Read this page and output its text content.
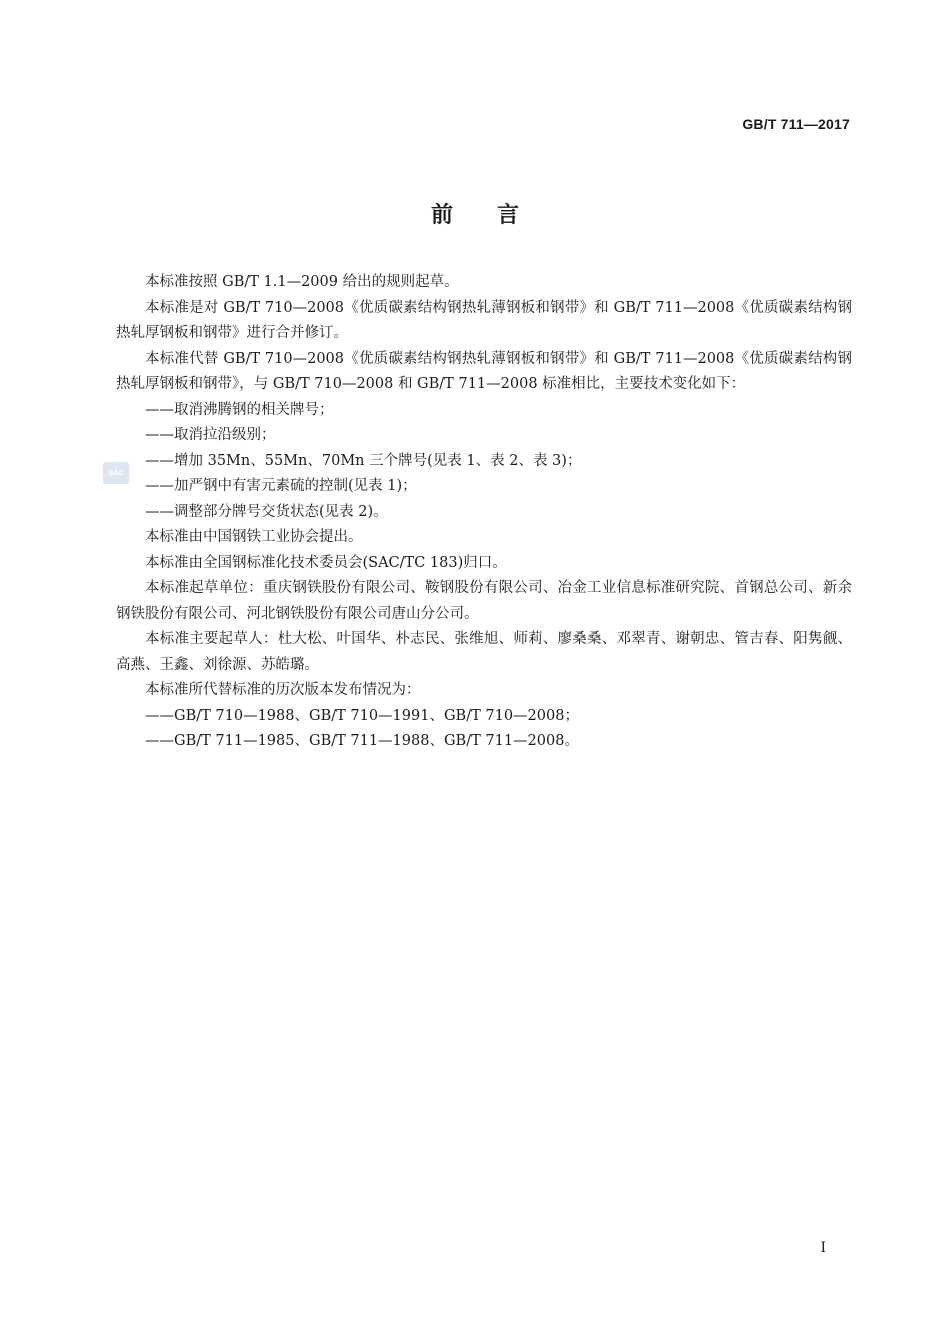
GB/T 711—2017
前言
SAC

本标准按照 GB/T 1.1—2009 给出的规则起草。

本标准是对 GB/T 710—2008《优质碳素结构钢热轧薄钢板和钢带》和 GB/T 711—2008《优质碳素结构钢热轧厚钢板和钢带》进行合并修订。

本标准代替 GB/T 710—2008《优质碳素结构钢热轧薄钢板和钢带》和 GB/T 711—2008《优质碳素结构钢热轧厚钢板和钢带》，与 GB/T 710—2008 和 GB/T 711—2008 标准相比，主要技术变化如下：

——取消沸腾钢的相关牌号；

——取消拉沿级别；

——增加 35Mn、55Mn、70Mn 三个牌号(见表 1、表 2、表 3)；

——加严钢中有害元素硫的控制(见表 1)；

——调整部分牌号交货状态(见表 2)。

本标准由中国钢铁工业协会提出。

本标准由全国钢标准化技术委员会(SAC/TC 183)归口。

本标准起草单位：重庆钢铁股份有限公司、鞍钢股份有限公司、冶金工业信息标准研究院、首钢总公司、新余钢铁股份有限公司、河北钢铁股份有限公司唐山分公司。

本标准主要起草人：杜大松、叶国华、朴志民、张维旭、师莉、廖桑桑、邓翠青、谢朝忠、管吉春、阳隽觎、高燕、王鑫、刘徐源、苏皓璐。

本标准所代替标准的历次版本发布情况为：

——GB/T 710—1988、GB/T 710—1991、GB/T 710—2008；

——GB/T 711—1985、GB/T 711—1988、GB/T 711—2008。

I
